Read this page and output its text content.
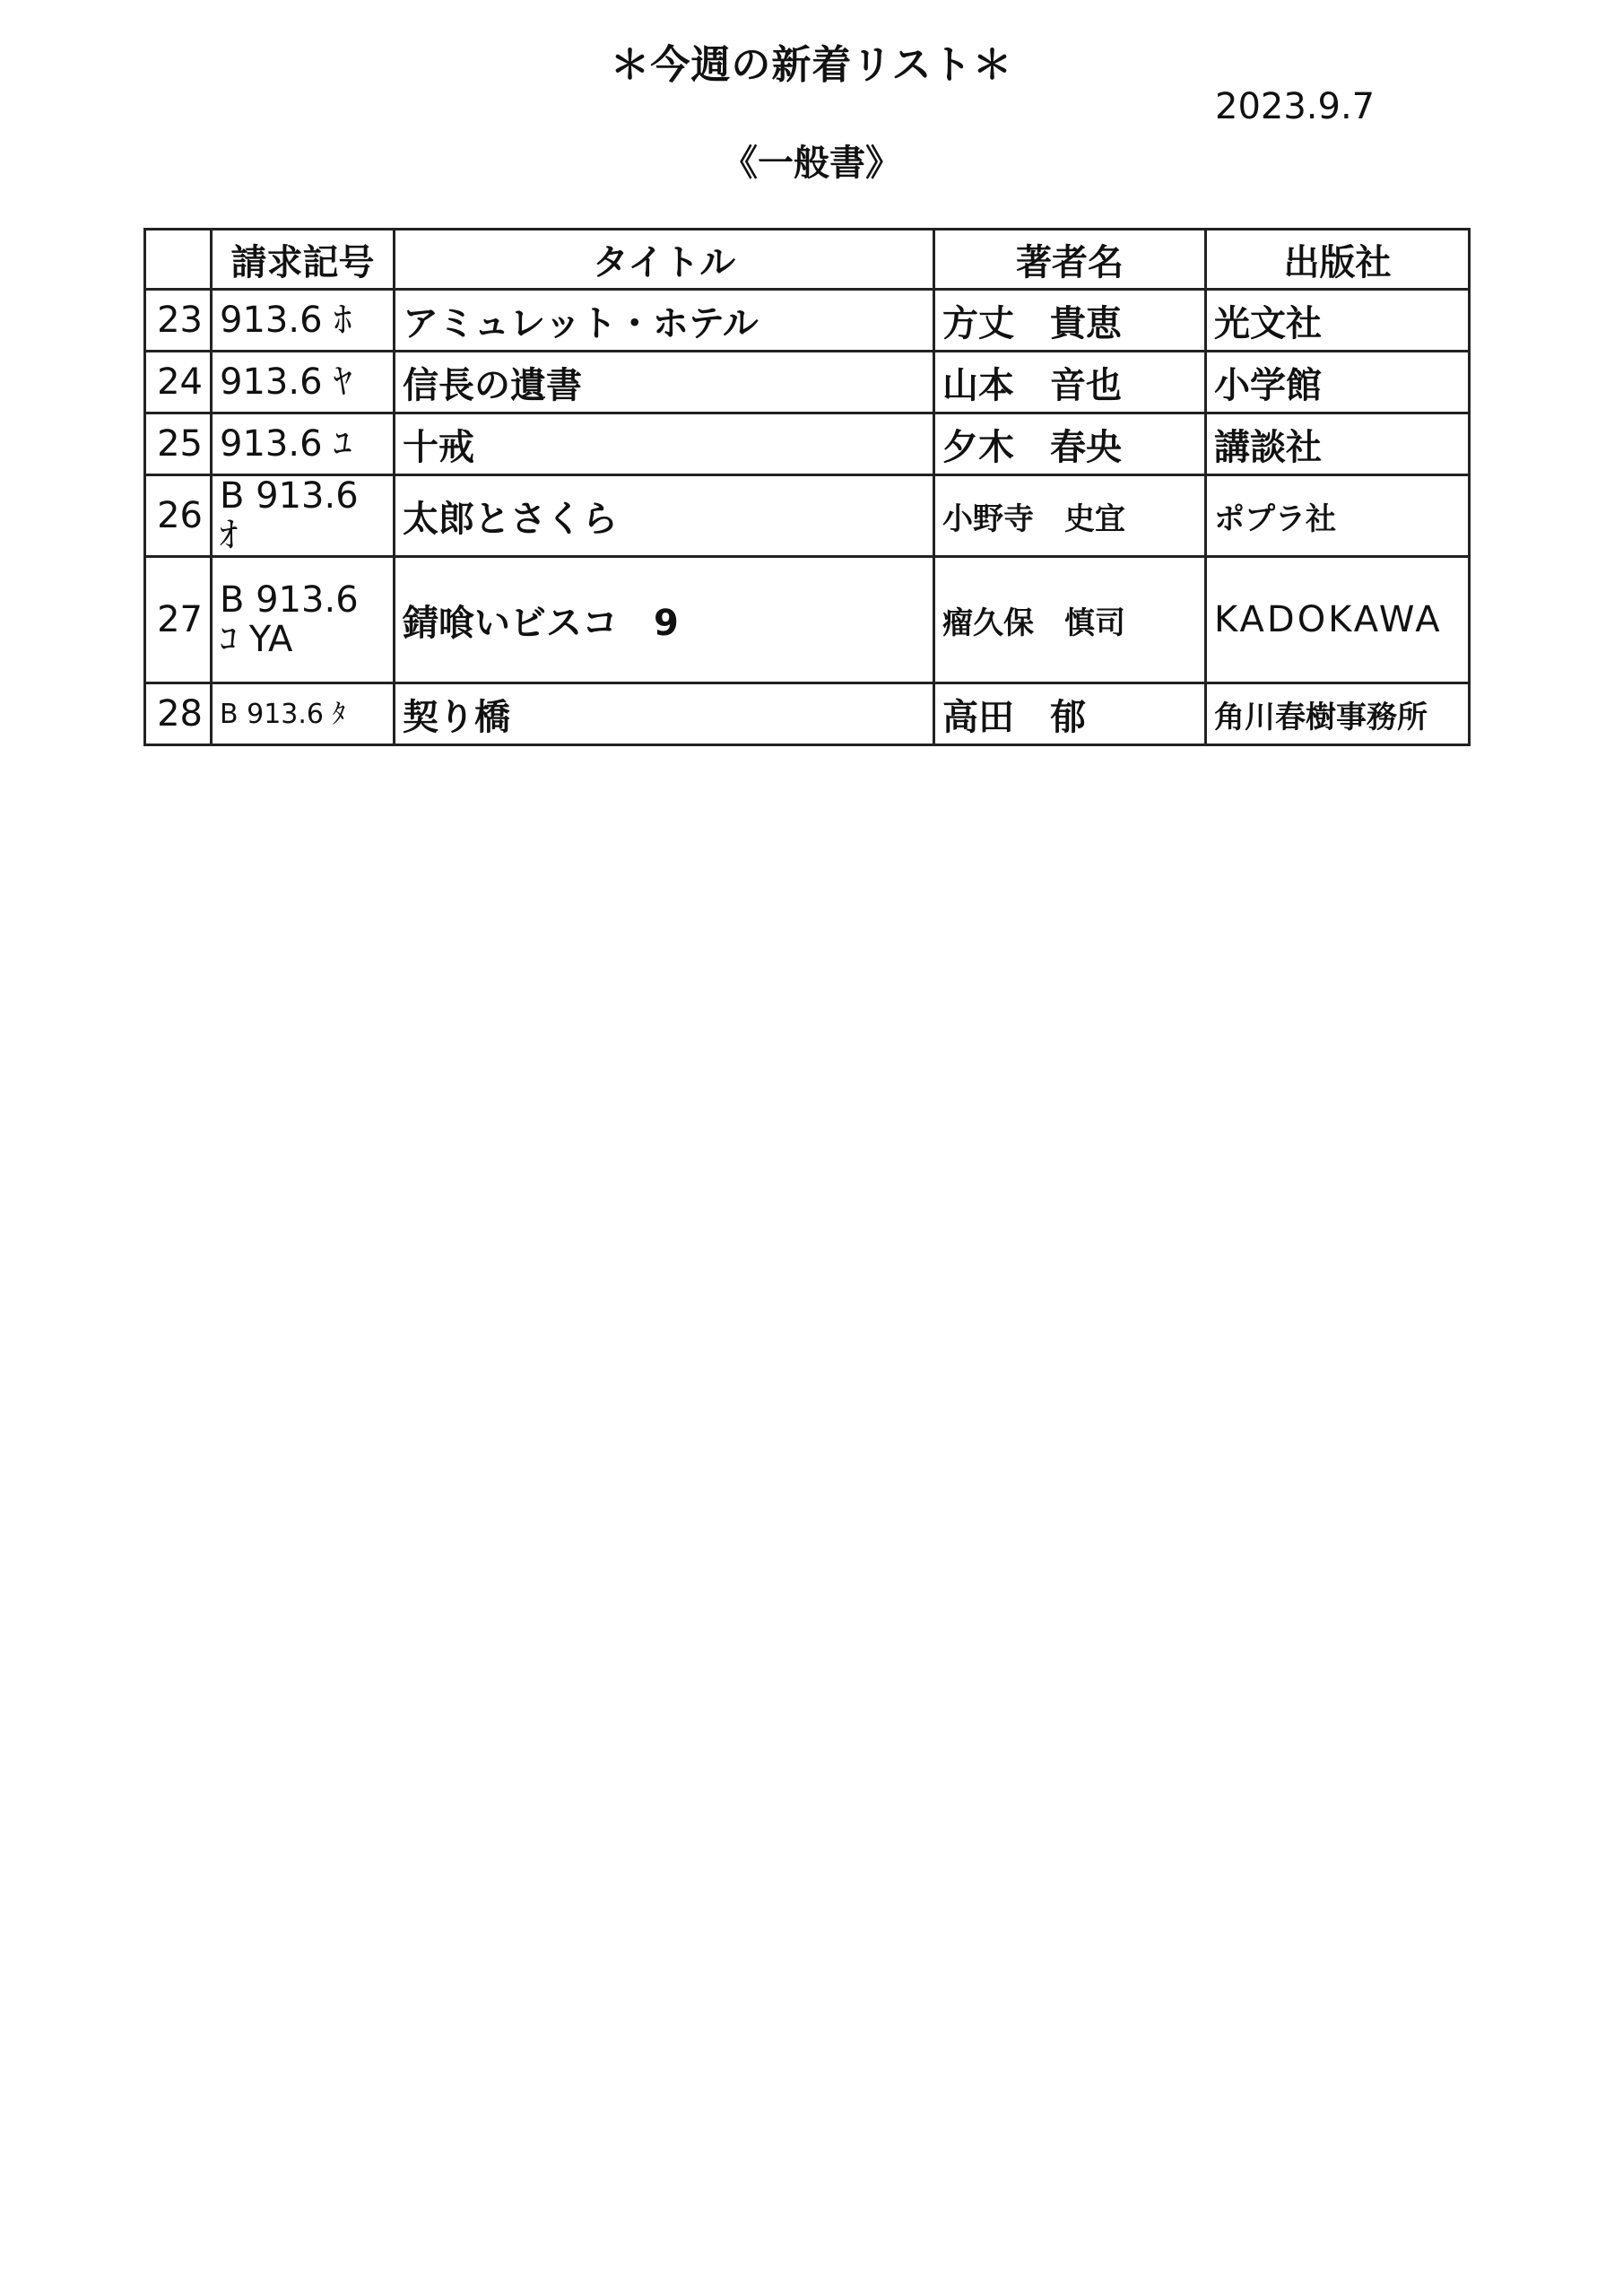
＊今週の新着リスト＊
2023.9.7
《一般書》
	請求記号	タイトル	著者名	出版社
23	913.6 ﾎ	アミュレット・ホテル	方丈　貴恵	光文社
24	913.6 ﾔ	信長の遺書	山本　音也	小学館
25	913.6 ﾕ	十戒	夕木　春央	講談社
26	B 913.6 ｵ	太郎とさくら	小野寺　史宜	ポプラ社
27	B 913.6 ｺ YA	錆喰いビスコ　9	瘤久保　慎司	KADOKAWA
28	B 913.6 ﾀ	契り橋	高田　郁	角川春樹事務所
